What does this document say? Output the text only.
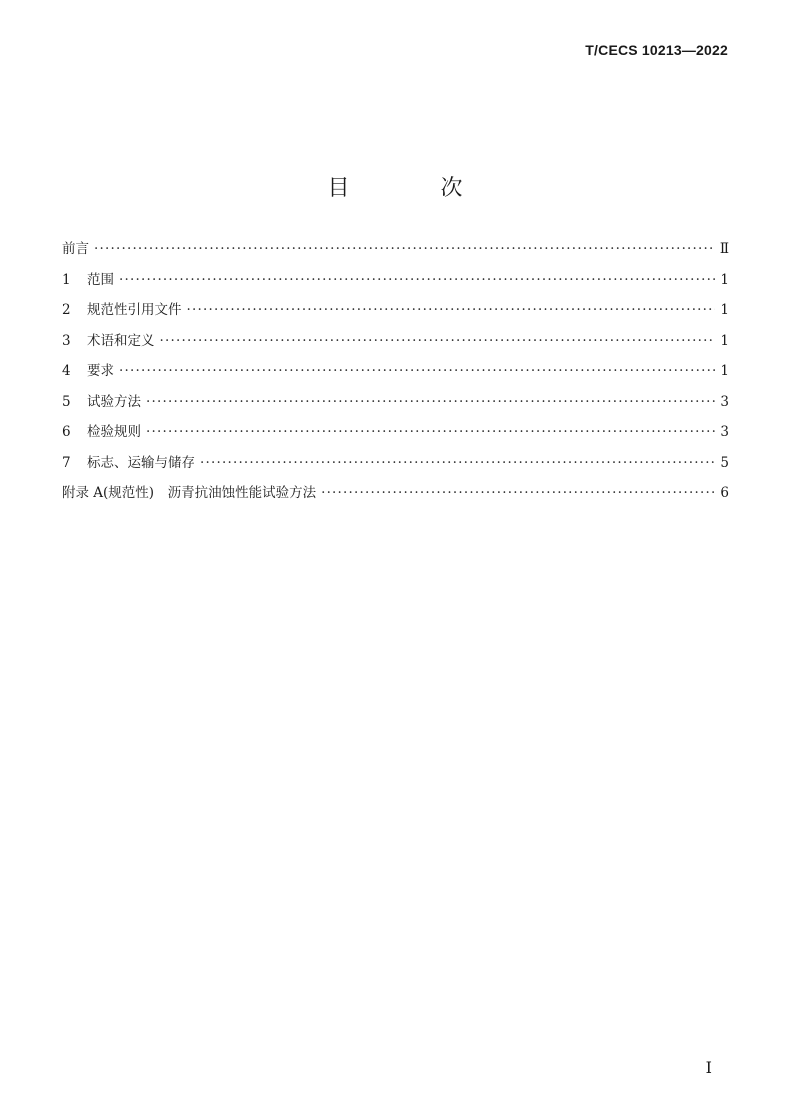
T/CECS 10213—2022
目 次
前言 ·····	Ⅱ
1	范围 ·····	1
2	规范性引用文件 ·····	1
3	术语和定义 ·····	1
4	要求 ·····	1
5	试验方法 ·····	3
6	检验规则 ·····	3
7	标志、运输与储存 ·····	5
附录 A(规范性)　沥青抗油蚀性能试验方法 ·····	6
I
